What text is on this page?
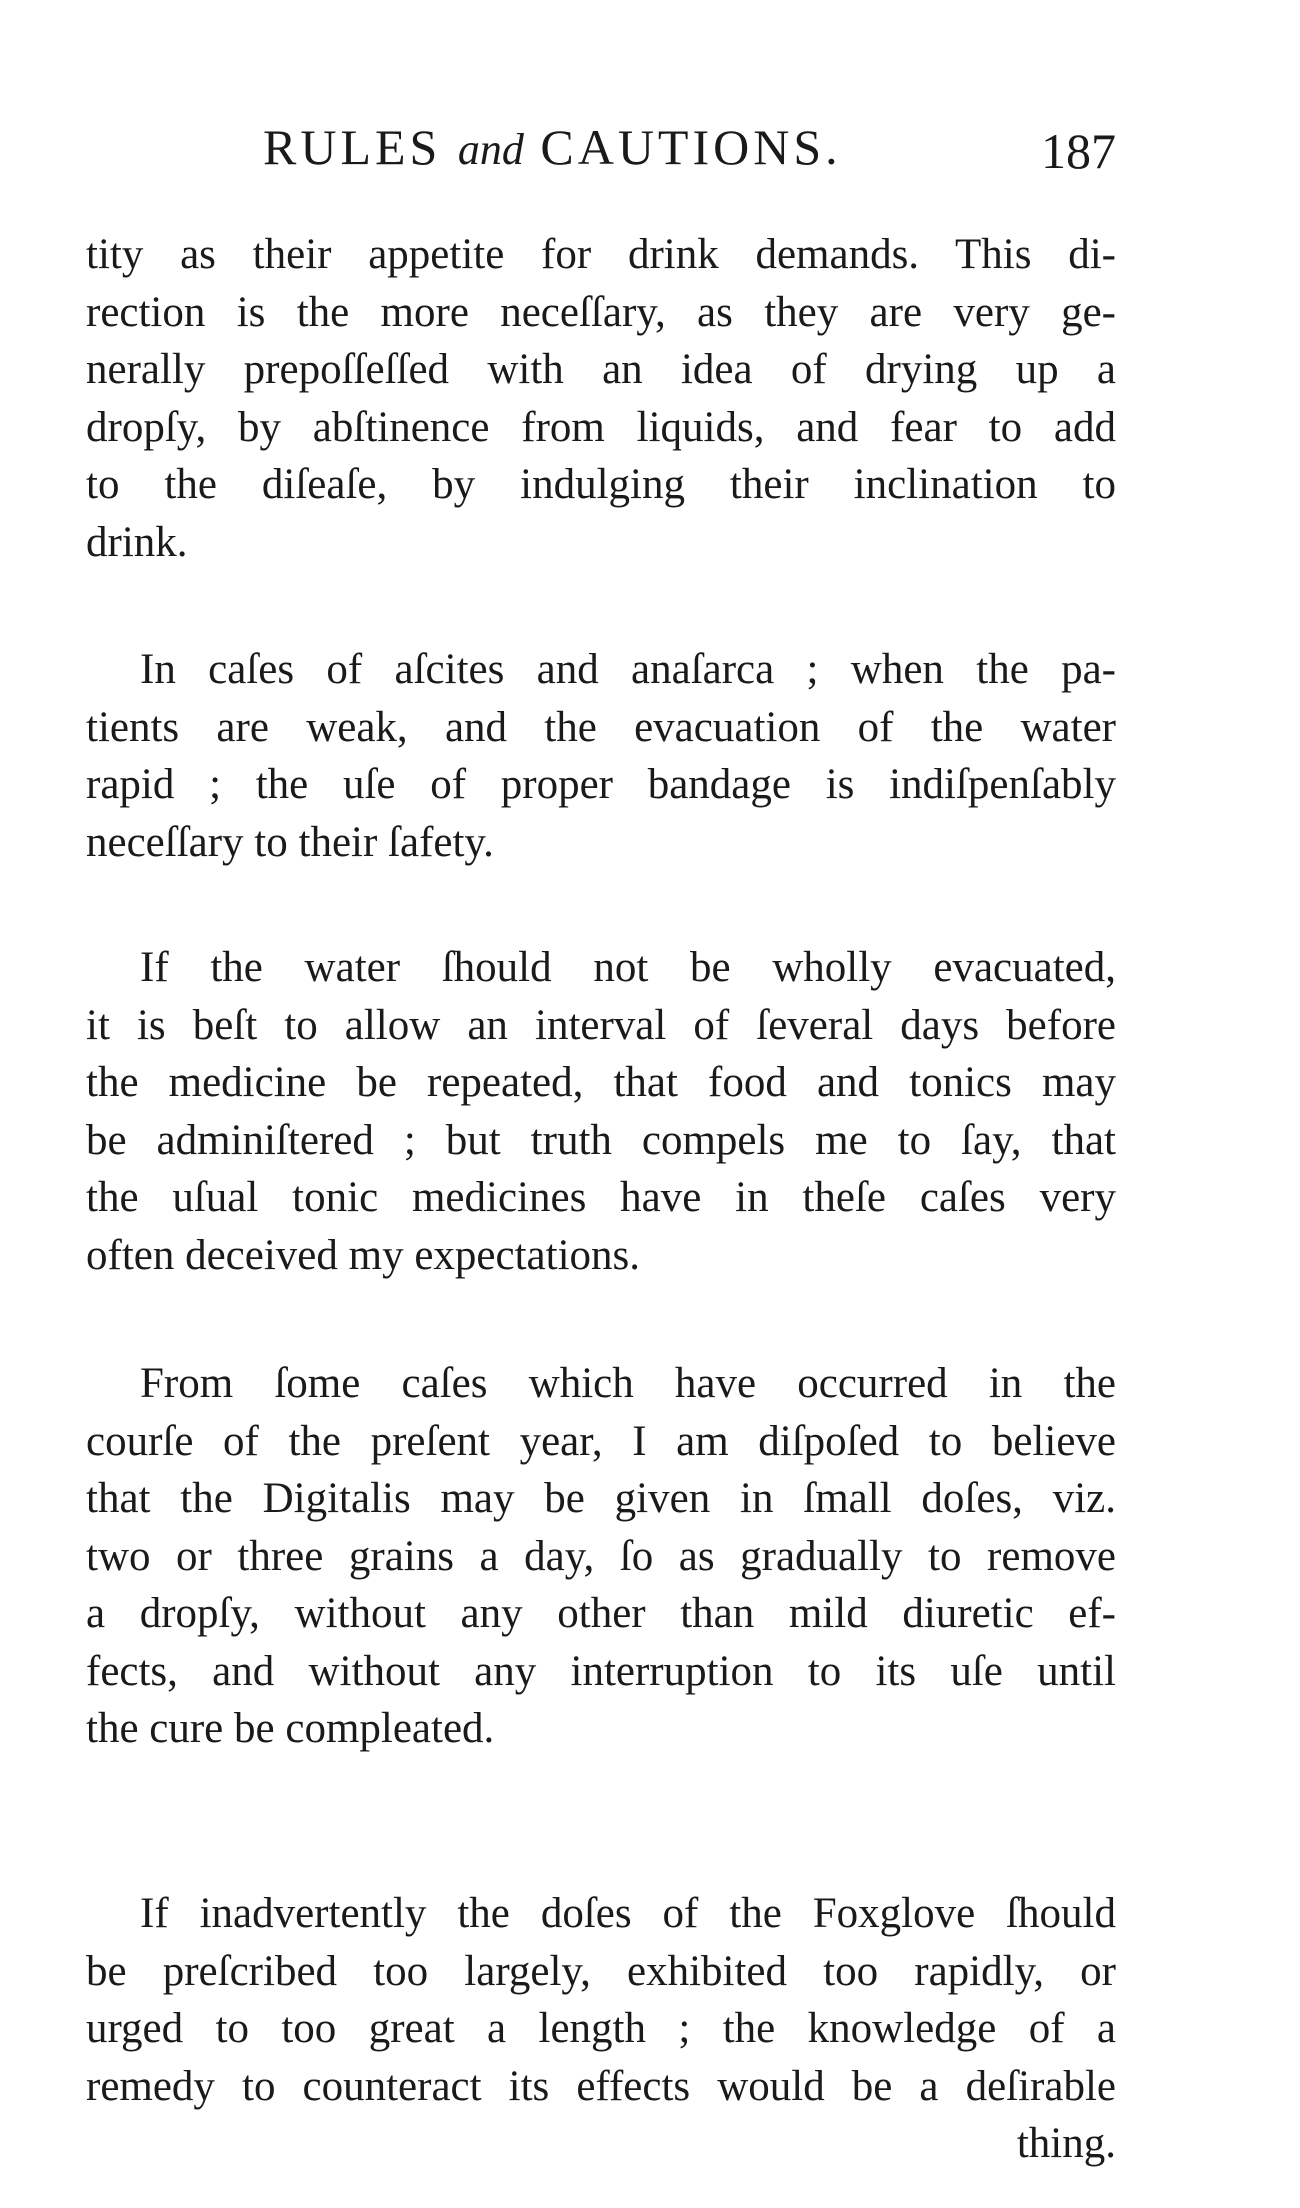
RULES and CAUTIONS.	187
tity as their appetite for drink demands. This di-
rection is the more neceſſary, as they are very ge-
nerally prepoſſeſſed with an idea of drying up a
dropſy, by abſtinence from liquids, and fear to add
to the diſeaſe, by indulging their inclination to
drink.
In caſes of aſcites and anaſarca ; when the pa-
tients are weak, and the evacuation of the water
rapid ; the uſe of proper bandage is indiſpenſably
neceſſary to their ſafety.
If the water ſhould not be wholly evacuated,
it is beſt to allow an interval of ſeveral days before
the medicine be repeated, that food and tonics may
be adminiſtered ; but truth compels me to ſay, that
the uſual tonic medicines have in theſe caſes very
often deceived my expectations.
From ſome caſes which have occurred in the
courſe of the preſent year, I am diſpoſed to believe
that the Digitalis may be given in ſmall doſes, viz.
two or three grains a day, ſo as gradually to remove
a dropſy, without any other than mild diuretic ef-
fects, and without any interruption to its uſe until
the cure be compleated.
If inadvertently the doſes of the Foxglove ſhould
be preſcribed too largely, exhibited too rapidly, or
urged to too great a length ; the knowledge of a
remedy to counteract its effects would be a deſirable
thing.
